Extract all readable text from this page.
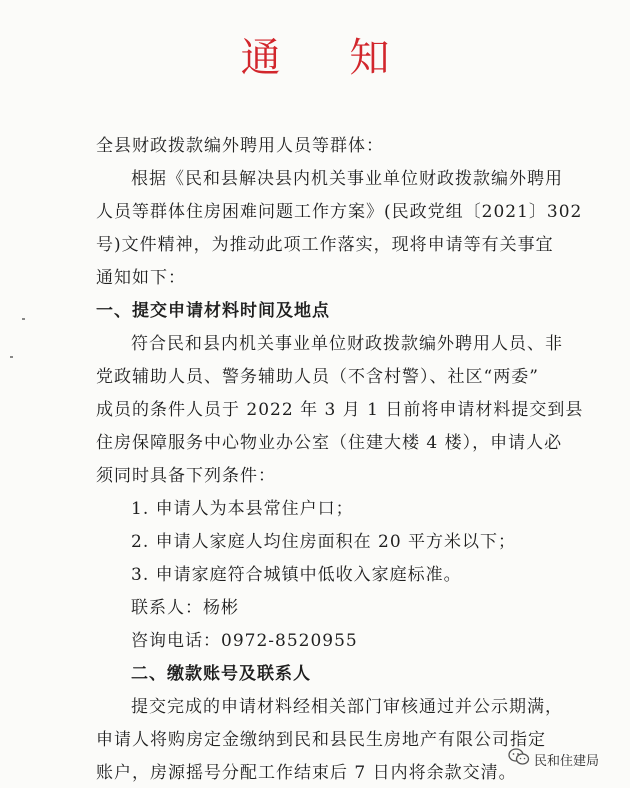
通 知
全县财政拨款编外聘用人员等群体：
根据《民和县解决县内机关事业单位财政拨款编外聘用
人员等群体住房困难问题工作方案》(民政党组〔2021〕302
号)文件精神，为推动此项工作落实，现将申请等有关事宜
通知如下：
一、提交申请材料时间及地点
符合民和县内机关事业单位财政拨款编外聘用人员、非
党政辅助人员、警务辅助人员（不含村警）、社区“两委”
成员的条件人员于 2022 年 3 月 1 日前将申请材料提交到县
住房保障服务中心物业办公室（住建大楼 4 楼），申请人必
须同时具备下列条件：
1. 申请人为本县常住户口；
2. 申请人家庭人均住房面积在 20 平方米以下；
3. 申请家庭符合城镇中低收入家庭标准。
联系人：杨彬
咨询电话：0972-8520955
二、缴款账号及联系人
提交完成的申请材料经相关部门审核通过并公示期满，
申请人将购房定金缴纳到民和县民生房地产有限公司指定
账户，房源摇号分配工作结束后 7 日内将余款交清。
民和住建局
